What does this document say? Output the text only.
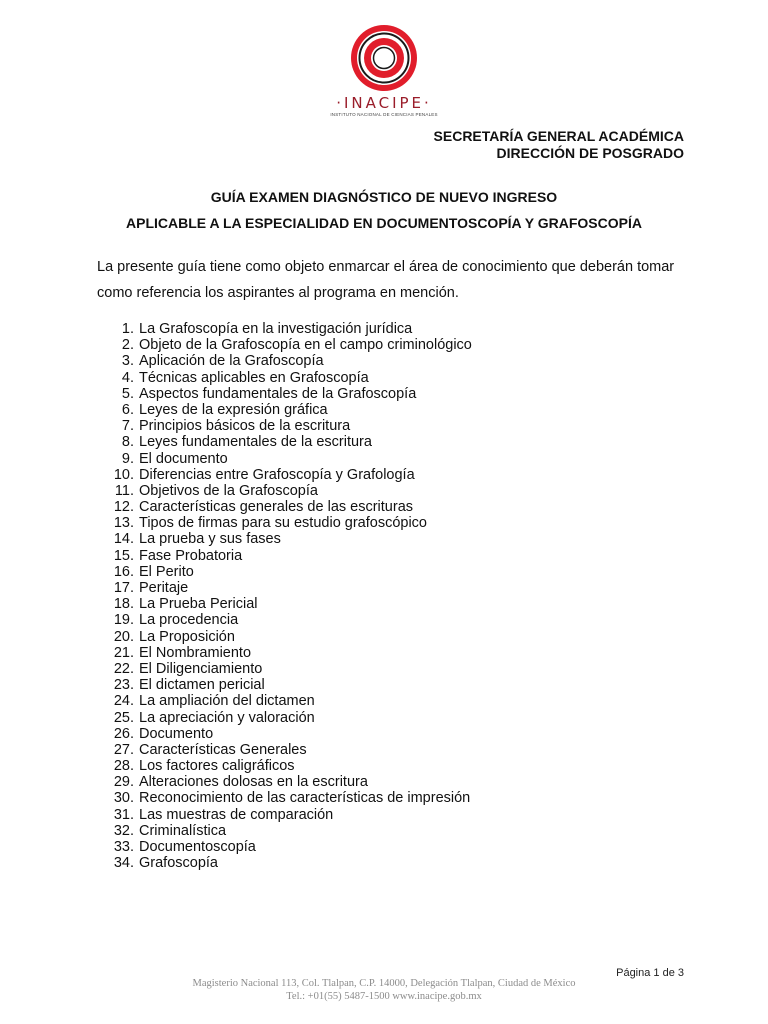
·INACIPE·
INSTITUTO NACIONAL DE CIENCIAS PENALES
SECRETARÍA GENERAL ACADÉMICA
DIRECCIÓN DE POSGRADO
GUÍA EXAMEN DIAGNÓSTICO DE NUEVO INGRESO
APLICABLE A LA ESPECIALIDAD EN DOCUMENTOSCOPÍA Y GRAFOSCOPÍA

La presente guía tiene como objeto enmarcar el área de conocimiento que deberán tomar como referencia los aspirantes al programa en mención.

1. La Grafoscopía en la investigación jurídica
2. Objeto de la Grafoscopía en el campo criminológico
3. Aplicación de la Grafoscopía
4. Técnicas aplicables en Grafoscopía
5. Aspectos fundamentales de la Grafoscopía
6. Leyes de la expresión gráfica
7. Principios básicos de la escritura
8. Leyes fundamentales de la escritura
9. El documento
10. Diferencias entre Grafoscopía y Grafología
11. Objetivos de la Grafoscopía
12. Características generales de las escrituras
13. Tipos de firmas para su estudio grafoscópico
14. La prueba y sus fases
15. Fase Probatoria
16. El Perito
17. Peritaje
18. La Prueba Pericial
19. La procedencia
20. La Proposición
21. El Nombramiento
22. El Diligenciamiento
23. El dictamen pericial
24. La ampliación del dictamen
25. La apreciación y valoración
26. Documento
27. Características Generales
28. Los factores caligráficos
29. Alteraciones dolosas en la escritura
30. Reconocimiento de las características de impresión
31. Las muestras de comparación
32. Criminalística
33. Documentoscopía
34. Grafoscopía
Página 1 de 3
Magisterio Nacional 113, Col. Tlalpan, C.P. 14000, Delegación Tlalpan, Ciudad de México
Tel.: +01(55) 5487-1500 www.inacipe.gob.mx
